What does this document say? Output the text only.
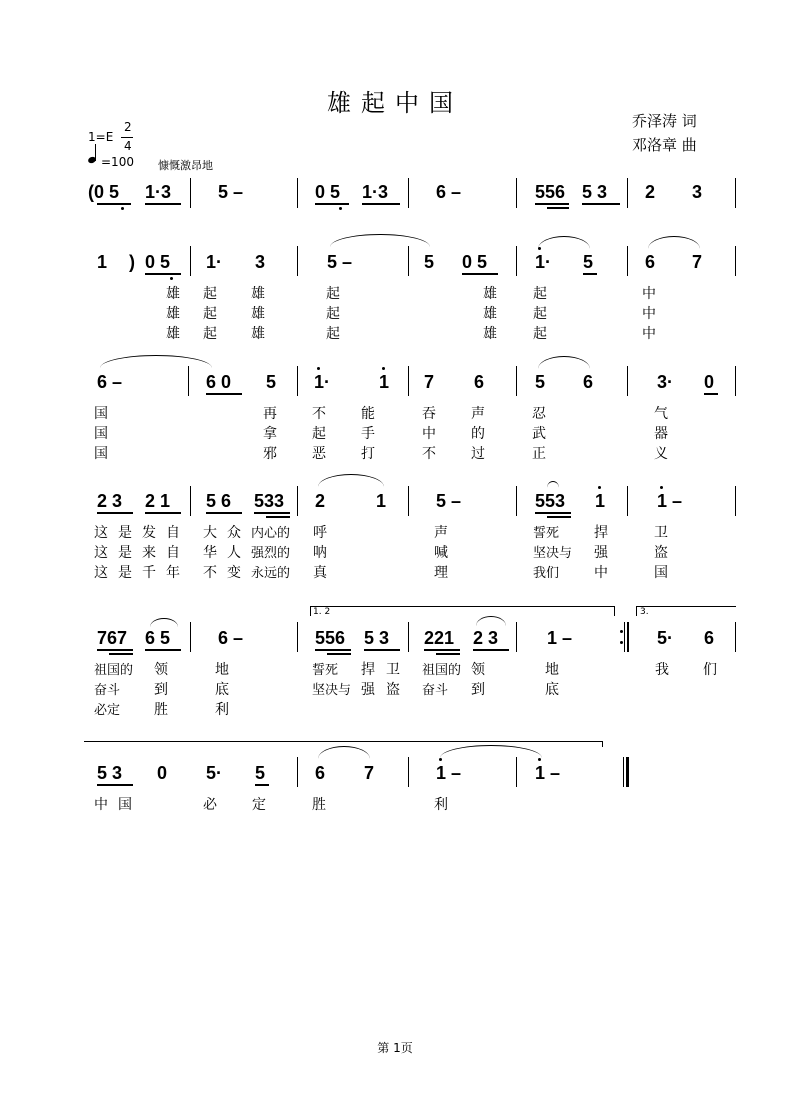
雄起中国
乔泽涛 词
邓洛章 曲
1=E
2
4
=100 慷慨激昂地
(0 5 1·3	5 –	0 5 1·3	6 –	556 5 3 2 3
1 ) 0 5 1· 3	5 –	5 0 5	1· 5	6 7
雄 起 雄	起	雄	起	中
雄 起 雄	起	雄	起	中
雄 起 雄	起	雄	起	中
6 –	6 0 5 1·	1 7 6	5 6	3· 0
国	再	不	能	吞	声	忍	气
国	拿	起	手	中	的	武	器
国	邪	恶	打	不	过	正	义
2 3 2 1 5 6 533 2	1	5 –	553 1	1 –
这 是 发 自 大 众 内心的 呼	声	誓死 捍	卫
这 是 来 自 华 人 强烈的 呐	喊	坚决与 强	盗
这 是 千 年 不 变 永远的 真	理	我们 中	国
1. 2	3.
767 6 5	6 –	556 5 3 221 2 3	1 –	5· 6
祖国的 领	地	誓死 捍 卫 祖国的 领	地	我 们
奋斗 到	底	坚决与 强 盗 奋斗 到	底
必定 胜	利
5 3 0 5· 5	6 7	1 –	1 –
中 国	必	定	胜	利
第 1页
